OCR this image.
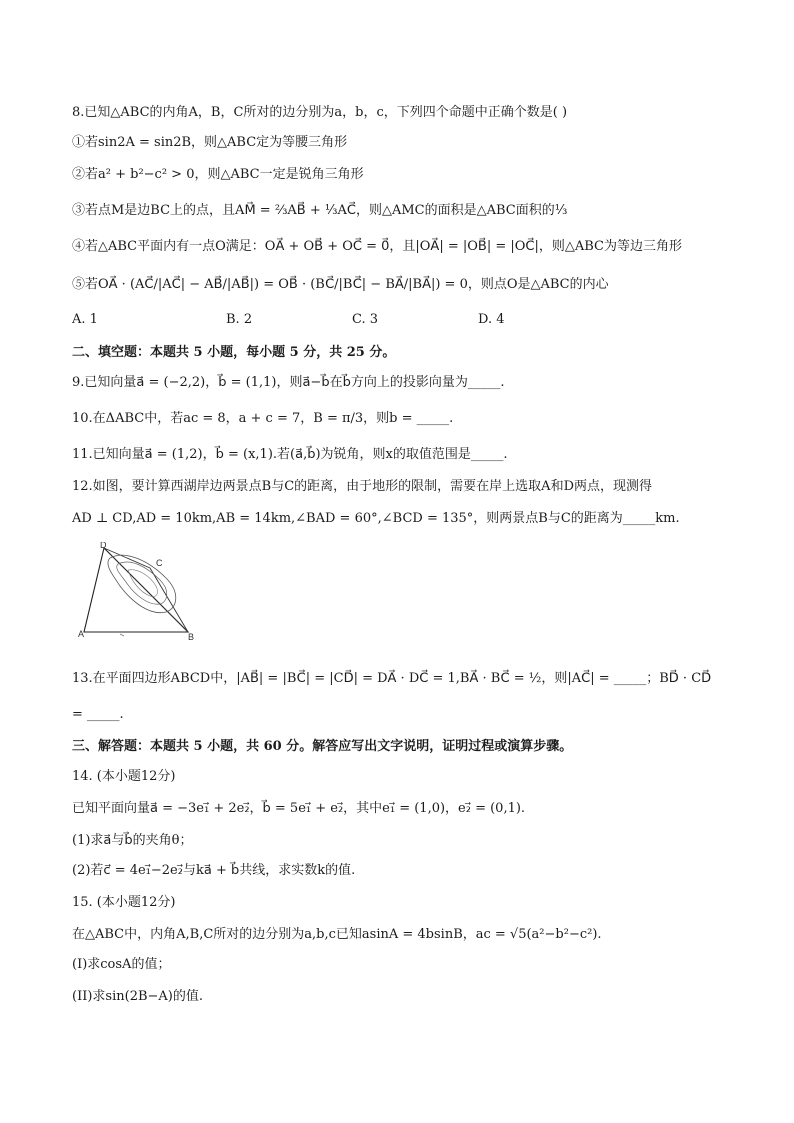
8.已知△ABC的内角A，B，C所对的边分别为a，b，c，下列四个命题中正确个数是( )
①若sin2A = sin2B，则△ABC定为等腰三角形
②若a² + b²−c² > 0，则△ABC一定是锐角三角形
③若点M是边BC上的点，且AM⃗ = ⅔AB⃗ + ⅓AC⃗，则△AMC的面积是△ABC面积的⅓
④若△ABC平面内有一点O满足：OA⃗ + OB⃗ + OC⃗ = 0⃗，且|OA⃗| = |OB⃗| = |OC⃗|，则△ABC为等边三角形
⑤若OA⃗ · (AC⃗/|AC⃗| − AB⃗/|AB⃗|) = OB⃗ · (BC⃗/|BC⃗| − BA⃗/|BA⃗|) = 0，则点O是△ABC的内心
A. 1	B. 2	C. 3	D. 4
二、填空题：本题共 5 小题，每小题 5 分，共 25 分。
9.已知向量a⃗ = (−2,2)，b⃗ = (1,1)，则a⃗−b⃗在b⃗方向上的投影向量为_____.
10.在ΔABC中，若ac = 8，a + c = 7，B = π/3，则b = _____.
11.已知向量a⃗ = (1,2)，b⃗ = (x,1).若(a⃗,b⃗)为锐角，则x的取值范围是_____.
12.如图，要计算西湖岸边两景点B与C的距离，由于地形的限制，需要在岸上选取A和D两点，现测得
AD ⊥ CD,AD = 10km,AB = 14km,∠BAD = 60°,∠BCD = 135°，则两景点B与C的距离为_____km.
D
C
A	B
13.在平面四边形ABCD中，|AB⃗| = |BC⃗| = |CD⃗| = DA⃗ · DC⃗ = 1,BA⃗ · BC⃗ = ½，则|AC⃗| = _____；BD⃗ · CD⃗
= _____.
三、解答题：本题共 5 小题，共 60 分。解答应写出文字说明，证明过程或演算步骤。
14. (本小题12分)
已知平面向量a⃗ = −3e₁⃗ + 2e₂⃗，b⃗ = 5e₁⃗ + e₂⃗，其中e₁⃗ = (1,0)，e₂⃗ = (0,1).
(1)求a⃗与b⃗的夹角θ；
(2)若c⃗ = 4e₁⃗−2e₂⃗与ka⃗ + b⃗共线，求实数k的值.
15. (本小题12分)
在△ABC中，内角A,B,C所对的边分别为a,b,c已知asinA = 4bsinB，ac = √5(a²−b²−c²).
(I)求cosA的值；
(II)求sin(2B−A)的值.
